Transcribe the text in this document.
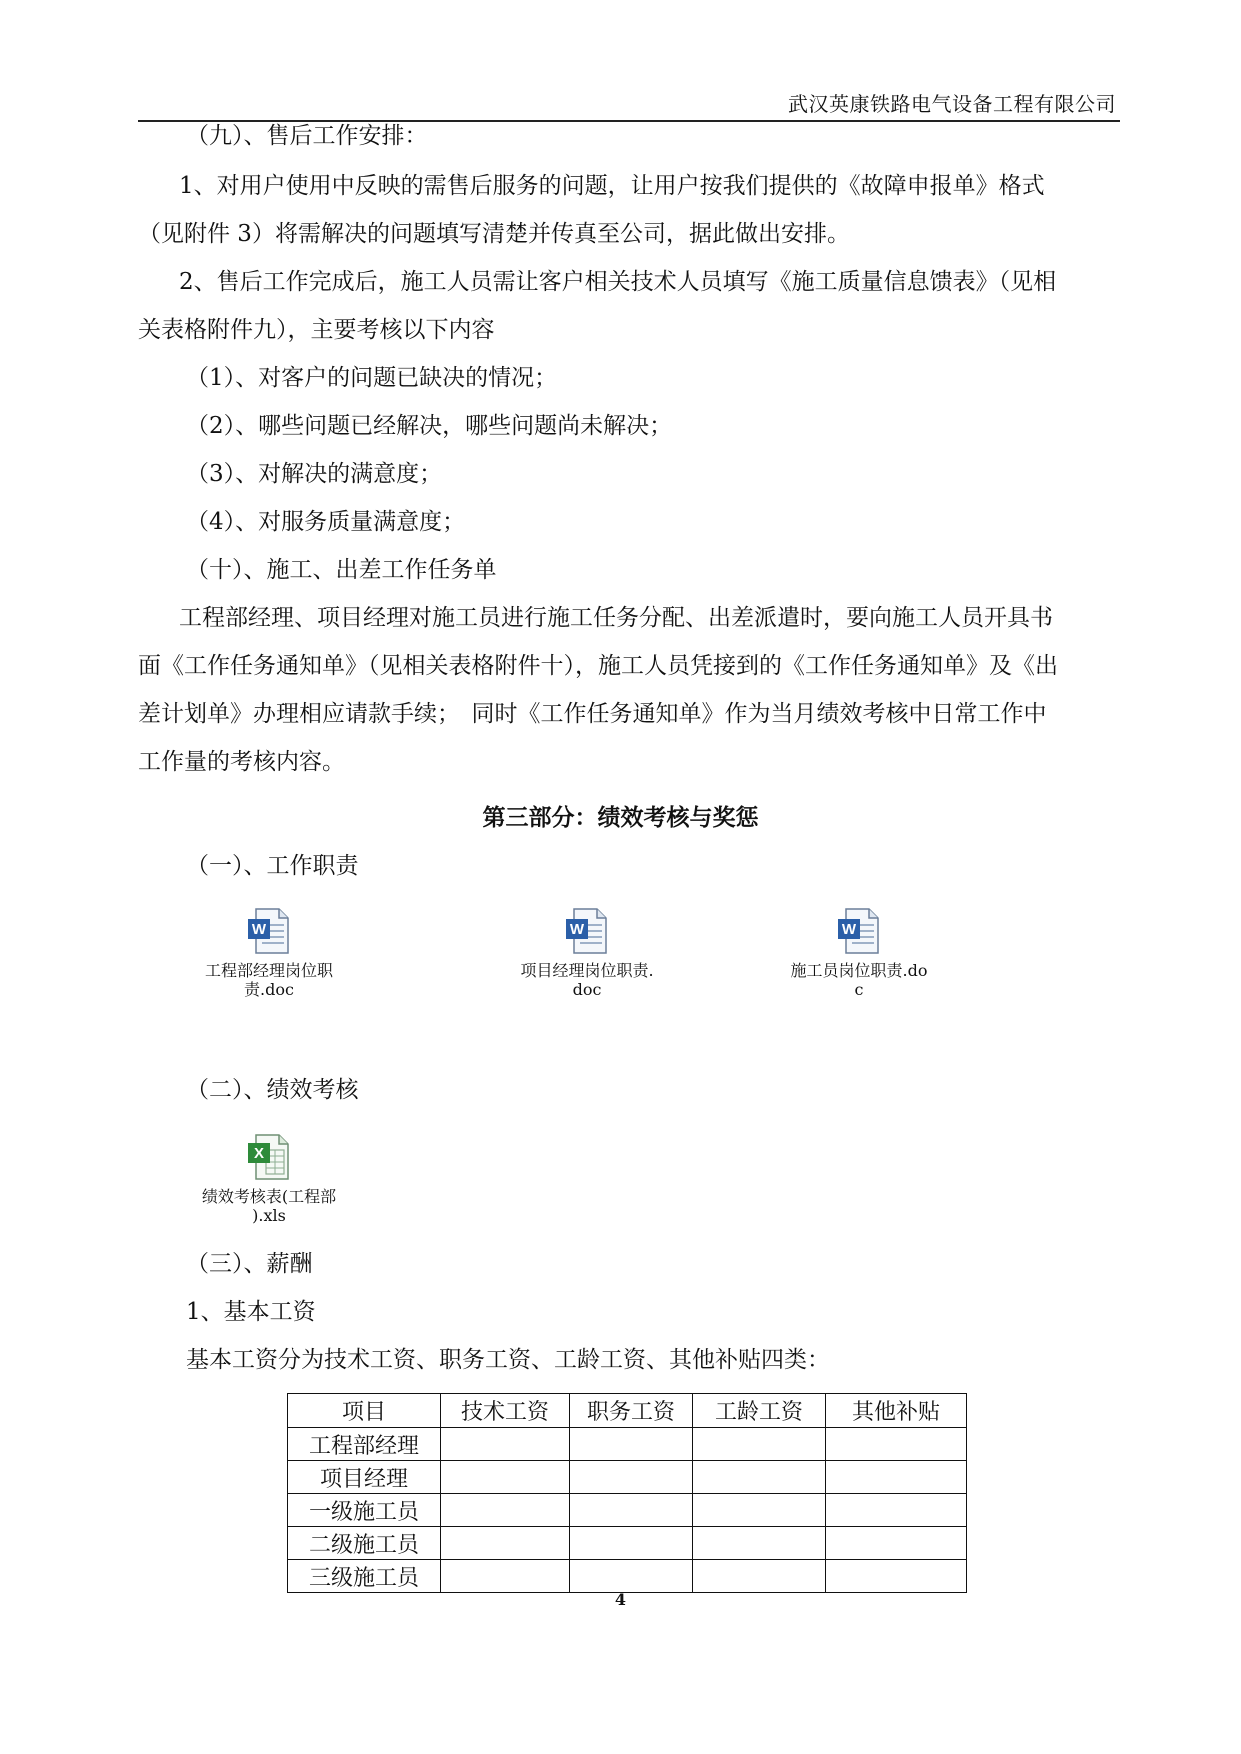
武汉英康铁路电气设备工程有限公司
（九）、售后工作安排：
1、对用户使用中反映的需售后服务的问题，让用户按我们提供的《故障申报单》格式
（见附件 3）将需解决的问题填写清楚并传真至公司，据此做出安排。
2、售后工作完成后，施工人员需让客户相关技术人员填写《施工质量信息馈表》（见相
关表格附件九），主要考核以下内容
（1）、对客户的问题已缺决的情况；
（2）、哪些问题已经解决，哪些问题尚未解决；
（3）、对解决的满意度；
（4）、对服务质量满意度；
（十）、施工、出差工作任务单
工程部经理、项目经理对施工员进行施工任务分配、出差派遣时，要向施工人员开具书
面《工作任务通知单》（见相关表格附件十），施工人员凭接到的《工作任务通知单》及《出
差计划单》办理相应请款手续；　同时《工作任务通知单》作为当月绩效考核中日常工作中
工作量的考核内容。
第三部分：绩效考核与奖惩
（一）、工作职责
W
工程部经理岗位职
责.doc
W
项目经理岗位职责.
doc
W
施工员岗位职责.do
c
（二）、绩效考核
X
绩效考核表(工程部
).xls
（三）、薪酬
1、基本工资
基本工资分为技术工资、职务工资、工龄工资、其他补贴四类：
项目	技术工资	职务工资	工龄工资	其他补贴
工程部经理				
项目经理				
一级施工员				
二级施工员				
三级施工员				
4
